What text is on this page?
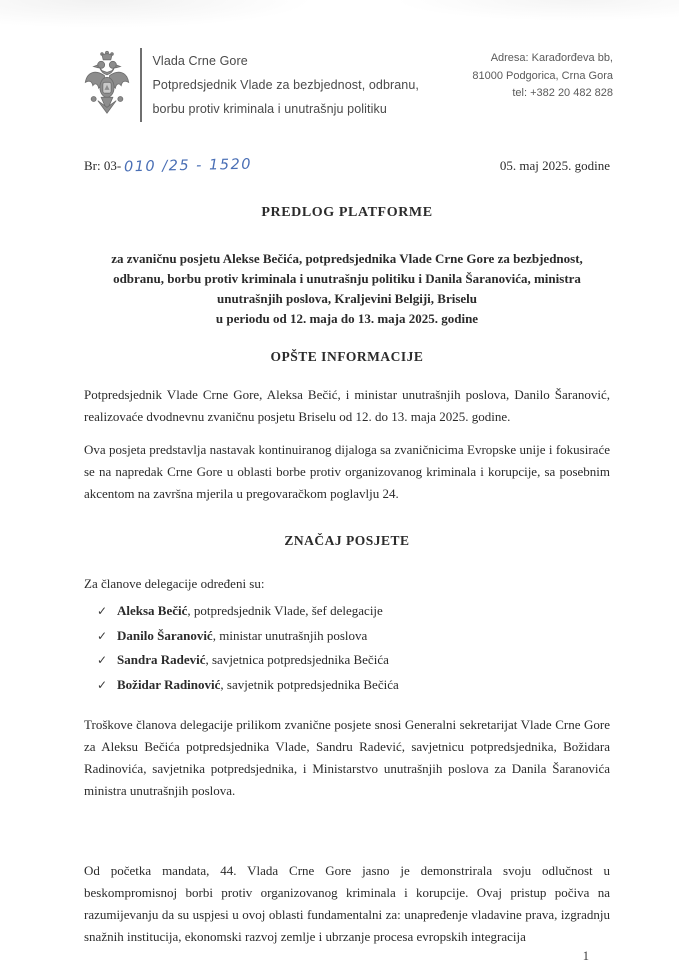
Vlada Crne Gore
Potpredsjednik Vlade za bezbjednost, odbranu,
borbu protiv kriminala i unutrašnju politiku
Adresa: Karađorđeva bb,
81000 Podgorica, Crna Gora
tel: +382 20 482 828
Br: 03- 010 /25 - 1520	05. maj 2025. godine
PREDLOG PLATFORME

za zvaničnu posjetu Alekse Bečića, potpredsjednika Vlade Crne Gore za bezbjednost, odbranu, borbu protiv kriminala i unutrašnju politiku i Danila Šaranovića, ministra unutrašnjih poslova, Kraljevini Belgiji, Briselu

u periodu od 12. maja do 13. maja 2025. godine

OPŠTE INFORMACIJE

Potpredsjednik Vlade Crne Gore, Aleksa Bečić, i ministar unutrašnjih poslova, Danilo Šaranović, realizovaće dvodnevnu zvaničnu posjetu Briselu od 12. do 13. maja 2025. godine.

Ova posjeta predstavlja nastavak kontinuiranog dijaloga sa zvaničnicima Evropske unije i fokusiraće se na napredak Crne Gore u oblasti borbe protiv organizovanog kriminala i korupcije, sa posebnim akcentom na završna mjerila u pregovaračkom poglavlju 24.

ZNAČAJ POSJETE

Za članove delegacije određeni su:

✓ Aleksa Bečić, potpredsjednik Vlade, šef delegacije
✓ Danilo Šaranović, ministar unutrašnjih poslova
✓ Sandra Radević, savjetnica potpredsjednika Bečića
✓ Božidar Radinović, savjetnik potpredsjednika Bečića

Troškove članova delegacije prilikom zvanične posjete snosi Generalni sekretarijat Vlade Crne Gore za Aleksu Bečića potpredsjednika Vlade, Sandru Radević, savjetnicu potpredsjednika, Božidara Radinovića, savjetnika potpredsjednika, i Ministarstvo unutrašnjih poslova za Danila Šaranovića ministra unutrašnjih poslova.

Od početka mandata, 44. Vlada Crne Gore jasno je demonstrirala svoju odlučnost u beskompromisnoj borbi protiv organizovanog kriminala i korupcije. Ovaj pristup počiva na razumijevanju da su uspjesi u ovoj oblasti fundamentalni za: unapređenje vladavine prava, izgradnju snažnih institucija, ekonomski razvoj zemlje i ubrzanje procesa evropskih integracija

1
